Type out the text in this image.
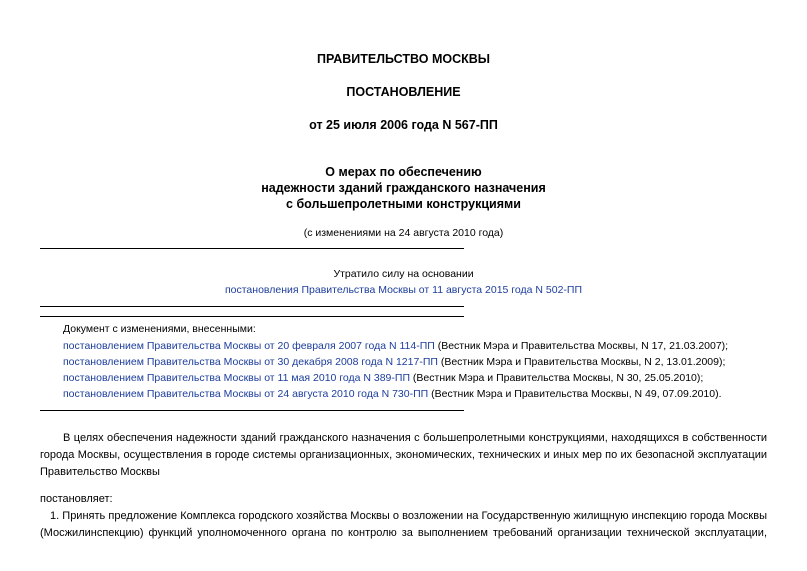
ПРАВИТЕЛЬСТВО МОСКВЫ
ПОСТАНОВЛЕНИЕ
от 25 июля 2006 года N 567-ПП
О мерах по обеспечению
надежности зданий гражданского назначения
с большепролетными конструкциями
(с изменениями на 24 августа 2010 года)
Утратило силу на основании
постановления Правительства Москвы от 11 августа 2015 года N 502-ПП
Документ с изменениями, внесенными:
постановлением Правительства Москвы от 20 февраля 2007 года N 114-ПП (Вестник Мэра и Правительства Москвы, N 17, 21.03.2007);
постановлением Правительства Москвы от 30 декабря 2008 года N 1217-ПП (Вестник Мэра и Правительства Москвы, N 2, 13.01.2009);
постановлением Правительства Москвы от 11 мая 2010 года N 389-ПП (Вестник Мэра и Правительства Москвы, N 30, 25.05.2010);
постановлением Правительства Москвы от 24 августа 2010 года N 730-ПП (Вестник Мэра и Правительства Москвы, N 49, 07.09.2010).
В целях обеспечения надежности зданий гражданского назначения с большепролетными конструкциями, находящихся в собственности
города Москвы, осуществления в городе системы организационных, экономических, технических и иных мер по их безопасной эксплуатации
Правительство Москвы
постановляет:
1. Принять предложение Комплекса городского хозяйства Москвы о возложении на Государственную жилищную инспекцию города Москвы
(Мосжилинспекцию) функций уполномоченного органа по контролю за выполнением требований организации технической эксплуатации,
